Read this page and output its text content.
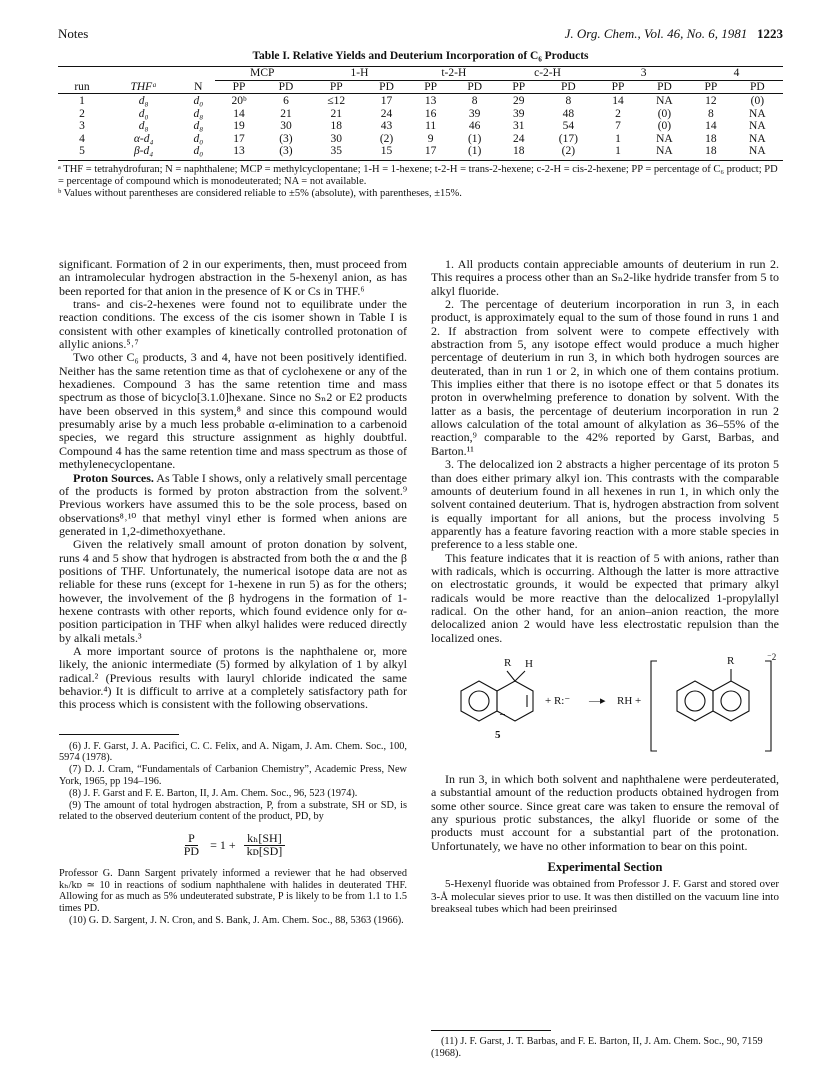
Notes	J. Org. Chem., Vol. 46, No. 6, 1981 1223
Table I. Relative Yields and Deuterium Incorporation of C₆ Products
run	THFᵃ	N	MCP		1-H		t-2-H		c-2-H		3		4	
			PP	PD	PP	PD	PP	PD	PP	PD	PP	PD	PP	PD
1	d₈	d₀	20ᵇ	6	≤12	17	13	8	29	8	14	NA	12	(0)
2	d₀	d₈	14	21	21	24	16	39	39	48	2	(0)	8	NA
3	d₈	d₈	19	30	18	43	11	46	31	54	7	(0)	14	NA
4	α-d₄	d₀	17	(3)	30	(2)	9	(1)	24	(17)	1	NA	18	NA
5	β-d₄	d₀	13	(3)	35	15	17	(1)	18	(2)	1	NA	18	NA
ᵃ THF = tetrahydrofuran; N = naphthalene; MCP = methylcyclopentane; 1-H = 1-hexene; t-2-H = trans-2-hexene; c-2-H = cis-2-hexene; PP = percentage of C₆ product; PD = percentage of compound which is monodeuterated; NA = not available.
ᵇ Values without parentheses are considered reliable to ±5% (absolute), with parentheses, ±15%.

significant. Formation of 2 in our experiments, then, must proceed from an intramolecular hydrogen abstraction in the 5-hexenyl anion, as has been reported for that anion in the presence of K or Cs in THF.⁶

trans- and cis-2-hexenes were found not to equilibrate under the reaction conditions. The excess of the cis isomer shown in Table I is consistent with other examples of kinetically controlled protonation of allylic anions.⁵˒⁷

Two other C₆ products, 3 and 4, have not been positively identified. Neither has the same retention time as that of cyclohexene or any of the hexadienes. Compound 3 has the same retention time and mass spectrum as those of bicyclo[3.1.0]hexane. Since no Sₙ2 or E2 products have been observed in this system,⁸ and since this compound would presumably arise by a much less probable α-elimination to a carbenoid species, we regard this structure assignment as highly doubtful. Compound 4 has the same retention time and mass spectrum as those of methylenecyclopentane.

Proton Sources. As Table I shows, only a relatively small percentage of the products is formed by proton abstraction from the solvent.⁹ Previous workers have assumed this to be the sole process, based on observations⁸˒¹⁰ that methyl vinyl ether is formed when anions are generated in 1,2-dimethoxyethane.

Given the relatively small amount of proton donation by solvent, runs 4 and 5 show that hydrogen is abstracted from both the α and the β positions of THF. Unfortunately, the numerical isotope data are not as reliable for these runs (except for 1-hexene in run 5) as for the others; however, the involvement of the β hydrogens in the formation of 1-hexene contrasts with other reports, which found evidence only for α-position participation in THF when alkyl halides were reduced directly by alkali metals.³

A more important source of protons is the naphthalene or, more likely, the anionic intermediate (5) formed by alkylation of 1 by alkyl radical.² (Previous results with lauryl chloride indicated the same behavior.⁴) It is difficult to arrive at a completely satisfactory path for this process which is consistent with the following observations.

(6) J. F. Garst, J. A. Pacifici, C. C. Felix, and A. Nigam, J. Am. Chem. Soc., 100, 5974 (1978).

(7) D. J. Cram, “Fundamentals of Carbanion Chemistry”, Academic Press, New York, 1965, pp 194–196.

(8) J. F. Garst and F. E. Barton, II, J. Am. Chem. Soc., 96, 523 (1974).

(9) The amount of total hydrogen abstraction, P, from a substrate, SH or SD, is related to the observed deuterium content of the product, PD, by

$\frac{P}{PD} = 1 + \frac{\text{kₕ[SH]}}{\text{kᴅ[SD]}}$

Professor G. Dann Sargent privately informed a reviewer that he had observed kₕ/kᴅ ≃ 10 in reactions of sodium naphthalene with halides in deuterated THF. Allowing for as much as 5% undeuterated substrate, P is likely to be from 1.1 to 1.5 times PD.

(10) G. D. Sargent, J. N. Cron, and S. Bank, J. Am. Chem. Soc., 88, 5363 (1966).

1. All products contain appreciable amounts of deuterium in run 2. This requires a process other than an Sₙ2-like hydride transfer from 5 to alkyl fluoride.

2. The percentage of deuterium incorporation in run 3, in each product, is approximately equal to the sum of those found in runs 1 and 2. If abstraction from solvent were to compete effectively with abstraction from 5, any isotope effect would produce a much higher percentage of deuterium in run 3, in which both hydrogen sources are deuterated, than in run 1 or 2, in which one of them contains protium. This implies either that there is no isotope effect or that 5 donates its proton in overwhelming preference to donation by solvent. With the latter as a basis, the percentage of deuterium incorporation in run 2 allows calculation of the total amount of alkylation as 36–55% of the reaction,⁹ comparable to the 42% reported by Garst, Barbas, and Barton.¹¹

3. The delocalized ion 2 abstracts a higher percentage of its proton 5 than does either primary alkyl ion. This contrasts with the comparable amounts of deuterium found in all hexenes in run 1, in which only the solvent contained deuterium. That is, hydrogen abstraction from solvent is equally important for all anions, but the process involving 5 apparently has a feature favoring reaction with a more stable species in preference to a less stable one.

This feature indicates that it is reaction of 5 with anions, rather than with radicals, which is occurring. Although the latter is more attractive on electrostatic grounds, it would be expected that primary alkyl radicals would be more reactive than the delocalized 1-propylallyl radical. On the other hand, for an anion–anion reaction, the more delocalized anion 2 would have less electrostatic repulsion than the localized ones.

−
R H
5
+ R:⁻ —▸ RH +
R	⁻2

In run 3, in which both solvent and naphthalene were perdeuterated, a substantial amount of the reduction products obtained hydrogen from some other source. Since great care was taken to ensure the removal of any spurious protic substances, the alkyl fluoride or some of the products must account for a substantial part of the protonation. Unfortunately, we have no other information to bear on this point.

Experimental Section

5-Hexenyl fluoride was obtained from Professor J. F. Garst and stored over 3-Å molecular sieves prior to use. It was then distilled on the vacuum line into breakseal tubes which had been preirinsed

(11) J. F. Garst, J. T. Barbas, and F. E. Barton, II, J. Am. Chem. Soc., 90, 7159 (1968).
